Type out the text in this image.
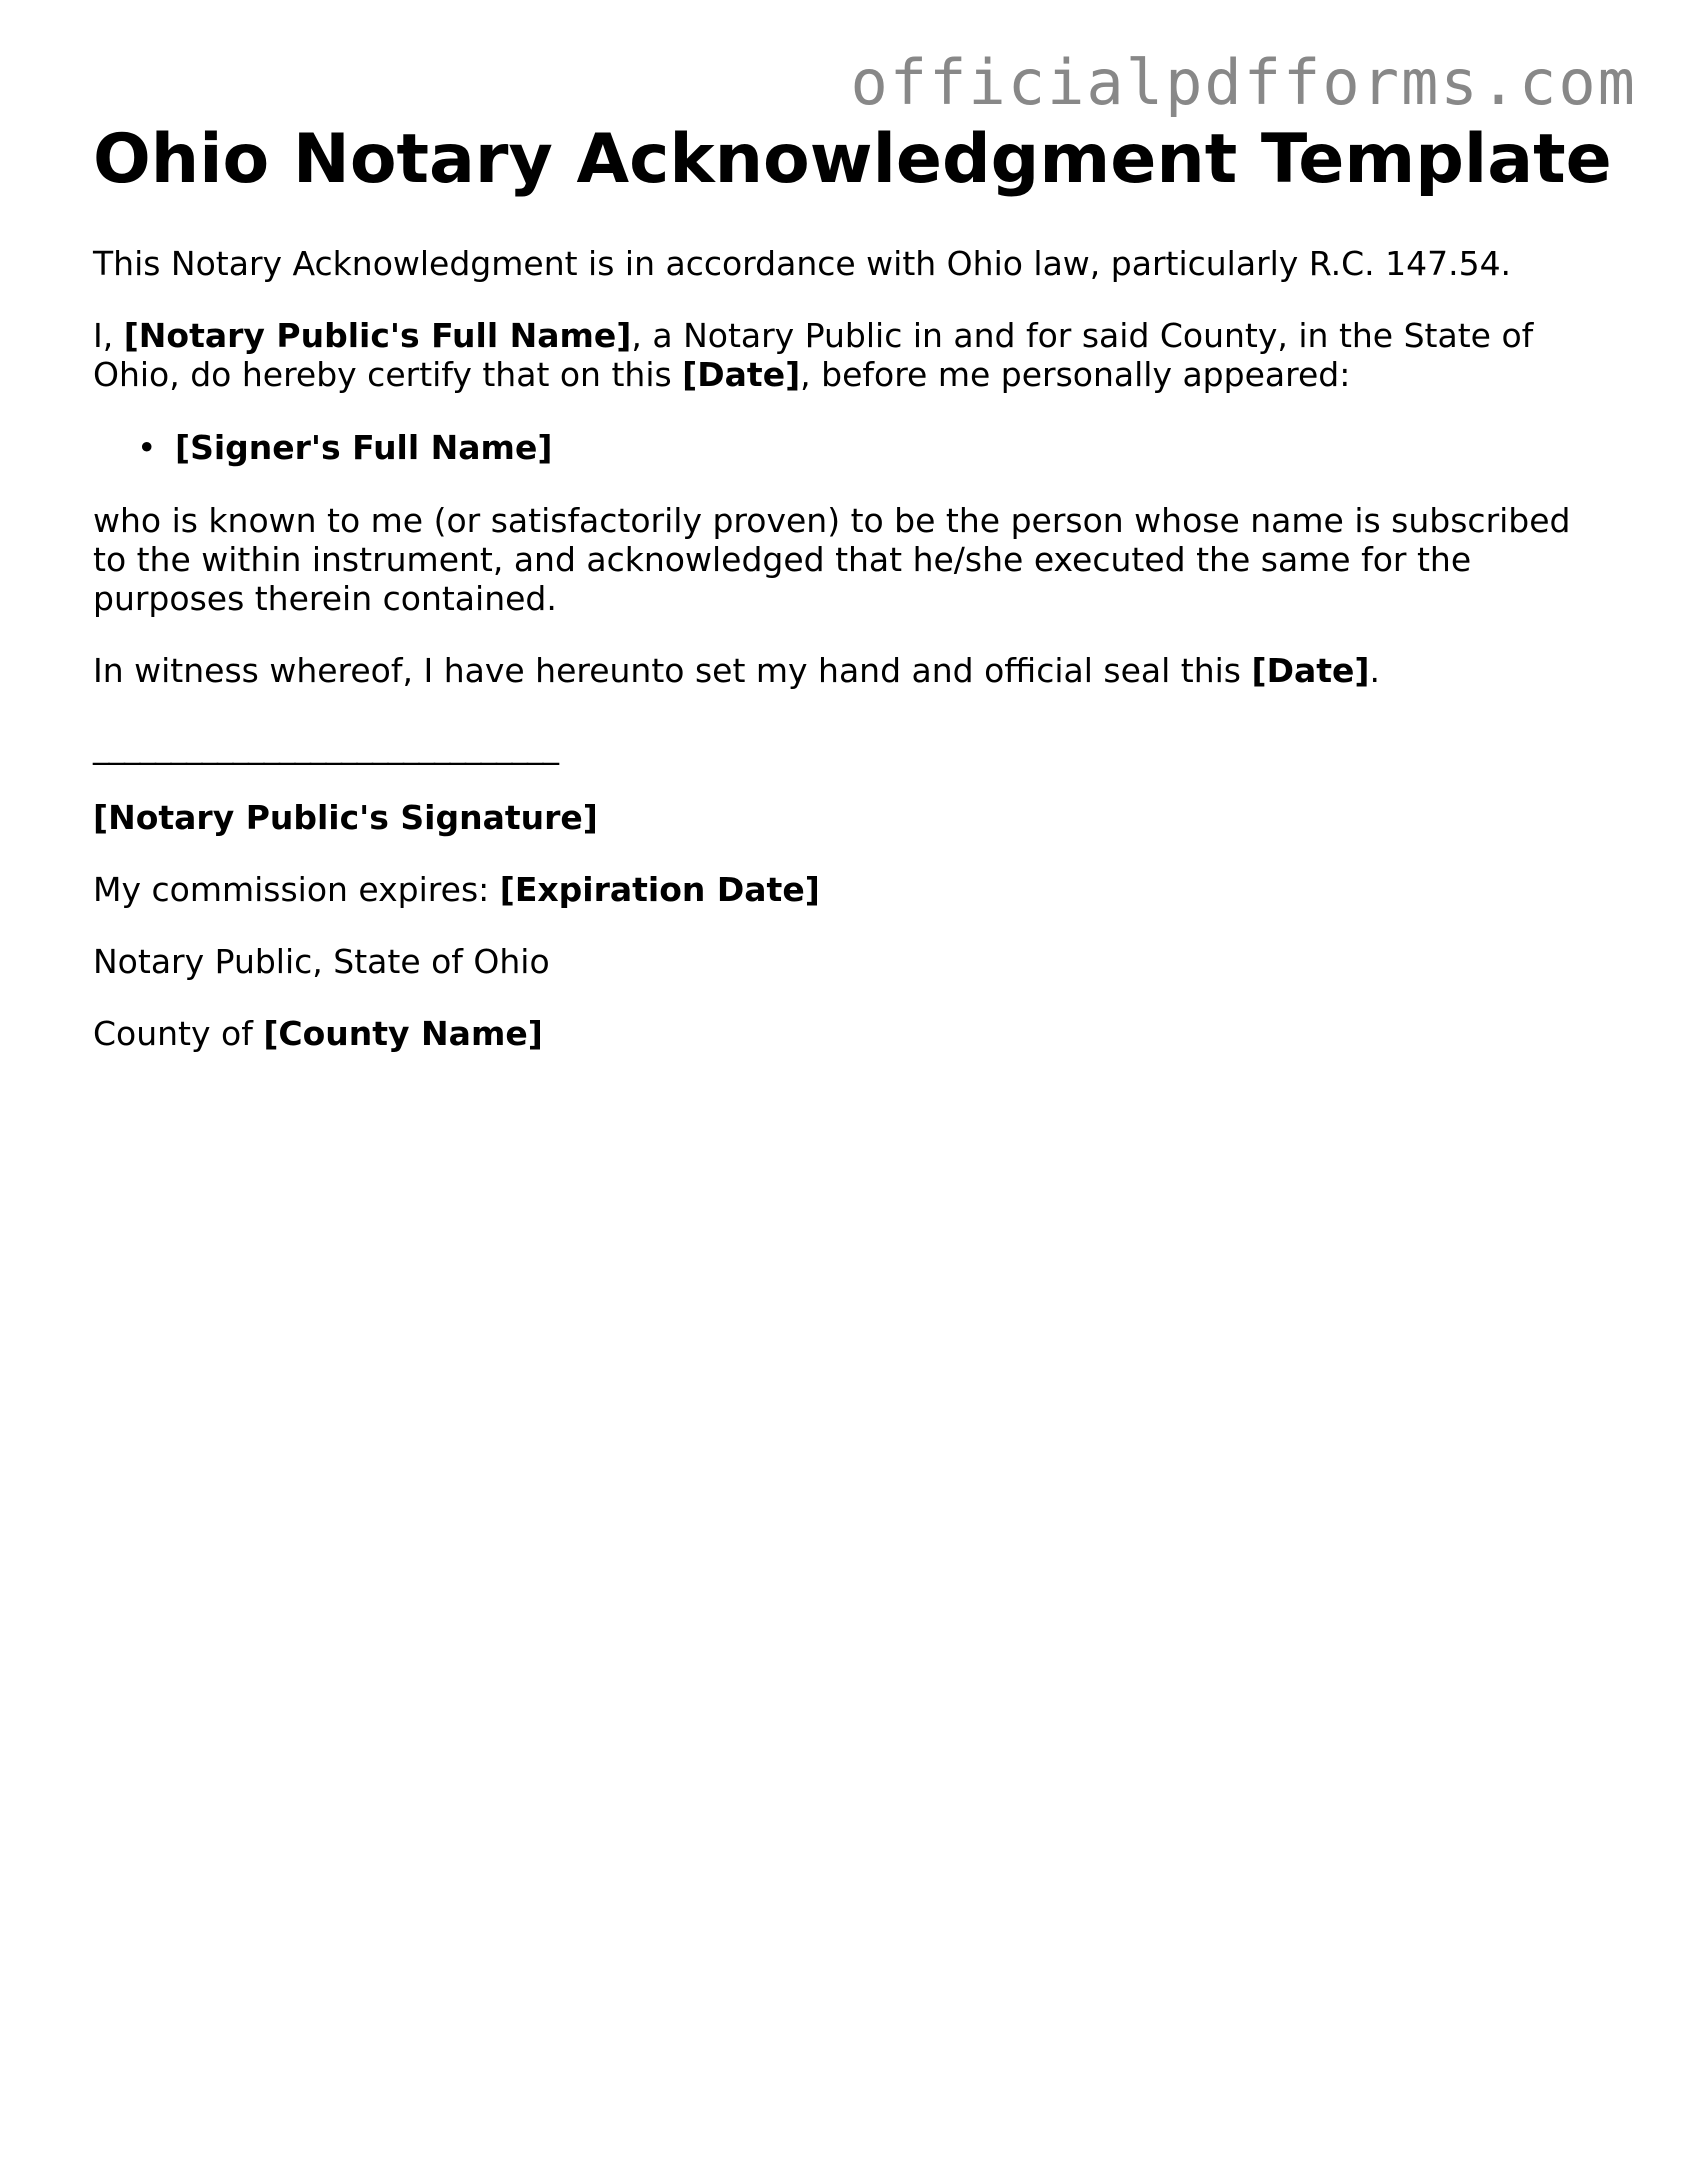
officialpdfforms.com
Ohio Notary Acknowledgment Template

This Notary Acknowledgment is in accordance with Ohio law, particularly R.C. 147.54.

I, [Notary Public's Full Name], a Notary Public in and for said County, in the State of Ohio, do hereby certify that on this [Date], before me personally appeared:

• [Signer's Full Name]

who is known to me (or satisfactorily proven) to be the person whose name is subscribed to the within instrument, and acknowledged that he/she executed the same for the purposes therein contained.

In witness whereof, I have hereunto set my hand and official seal this [Date].

______________________________

[Notary Public's Signature]

My commission expires: [Expiration Date]

Notary Public, State of Ohio

County of [County Name]
